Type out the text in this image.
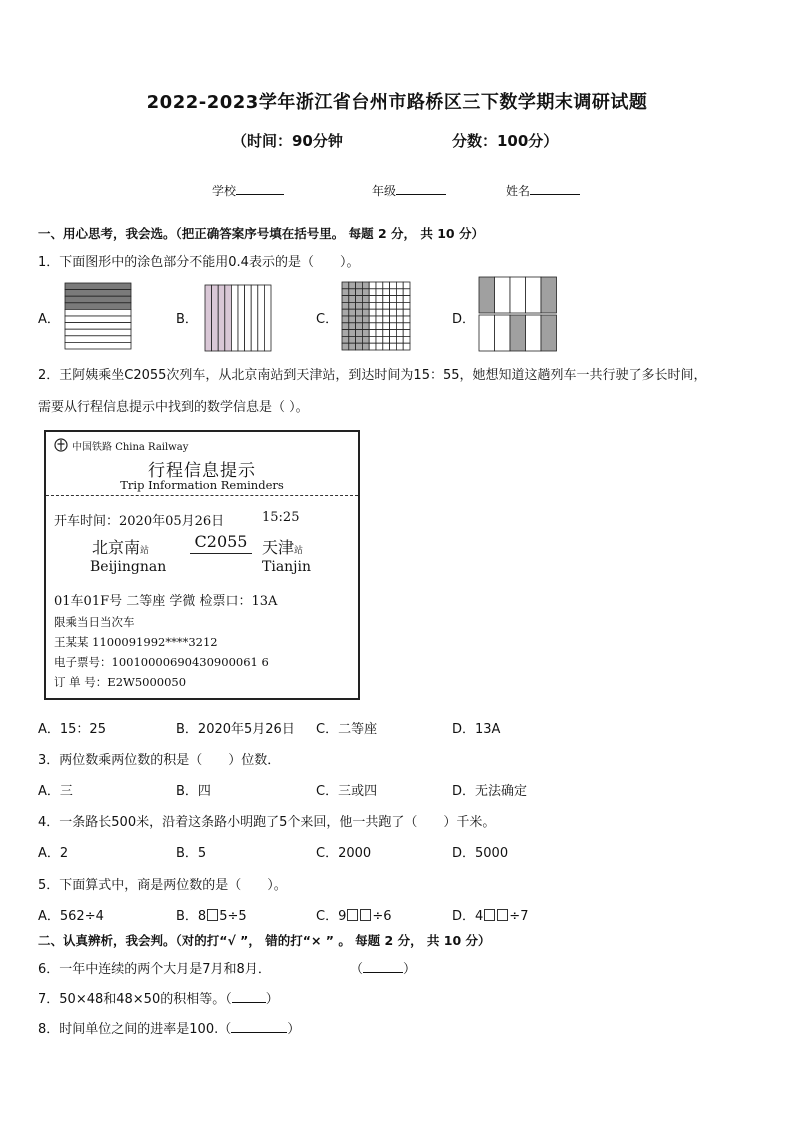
2022-2023学年浙江省台州市路桥区三下数学期末调研试题
（时间：90分钟	分数：100分）
学校	年级	姓名
一、用心思考，我会选。（把正确答案序号填在括号里。 每题 2 分， 共 10 分）
1．下面图形中的涂色部分不能用0.4表示的是（　　）。
A．	B．	C．	D．
2．王阿姨乘坐C2055次列车，从北京南站到天津站，到达时间为15：55，她想知道这趟列车一共行驶了多长时间，
需要从行程信息提示中找到的数学信息是（ ）。
中国铁路 China Railway
行程信息提示
Trip Information Reminders
开车时间：2020年05月26日	15:25
北京南站	C2055 天津站
Beijingnan	Tianjin
01车01F号 二等座 学微 检票口：13A
限乘当日当次车
王某某 1100091992****3212
电子票号：10010000690430900061 6
订 单 号：E2W5000050
A．15：25	B．2020年5月26日 C．二等座	D．13A
3．两位数乘两位数的积是（　　）位数．
A．三	B．四	C．三或四	D．无法确定
4．一条路长500米，沿着这条路小明跑了5个来回，他一共跑了（　　）千米。
A．2	B．5	C．2000	D．5000
5．下面算式中，商是两位数的是（　　）。
A．562÷4	B．8 5÷5	C．9 ÷6	D．4 ÷7
二、认真辨析，我会判。（对的打“√ ”， 错的打“× ” 。 每题 2 分， 共 10 分）
6．一年中连续的两个大月是7月和8月．	（	）
7．50×48和48×50的积相等。（	）
8．时间单位之间的进率是100.（	）
